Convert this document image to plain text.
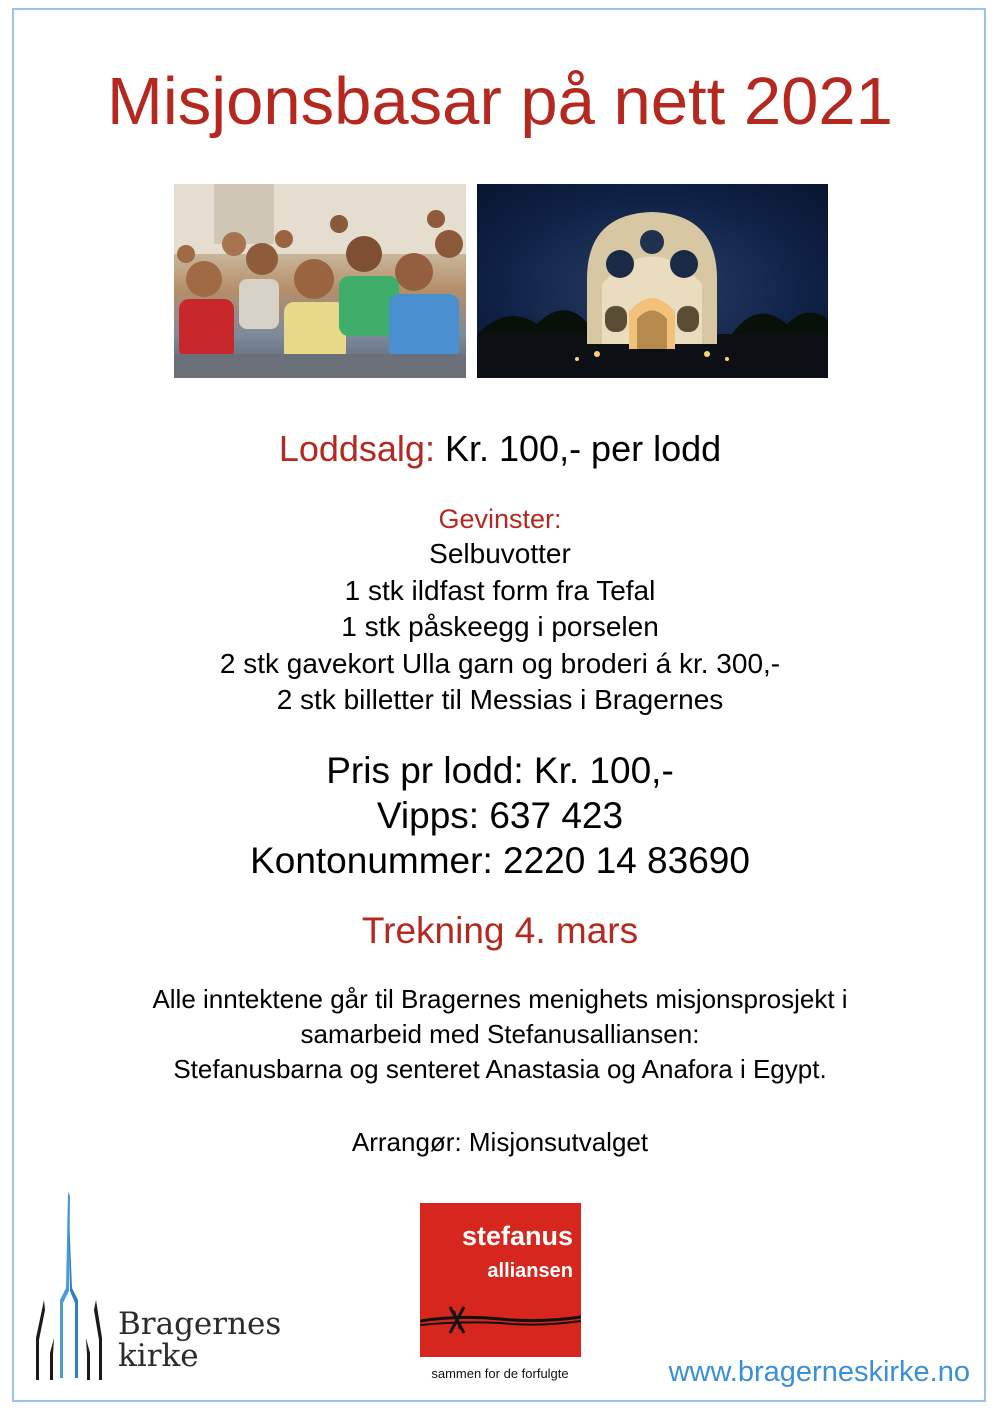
Misjonsbasar på nett 2021
Loddsalg: Kr. 100,- per lodd
Gevinster:
Selbuvotter
1 stk ildfast form fra Tefal
1 stk påskeegg i porselen
2 stk gavekort Ulla garn og broderi á kr. 300,-
2 stk billetter til Messias i Bragernes
Pris pr lodd: Kr. 100,-
Vipps: 637 423
Kontonummer: 2220 14 83690
Trekning 4. mars
Alle inntektene går til Bragernes menighets misjonsprosjekt i
samarbeid med Stefanusalliansen:
Stefanusbarna og senteret Anastasia og Anafora i Egypt.
Arrangør: Misjonsutvalget
Bragernes
kirke
stefanus
alliansen
sammen for de forfulgte	www.bragerneskirke.no
